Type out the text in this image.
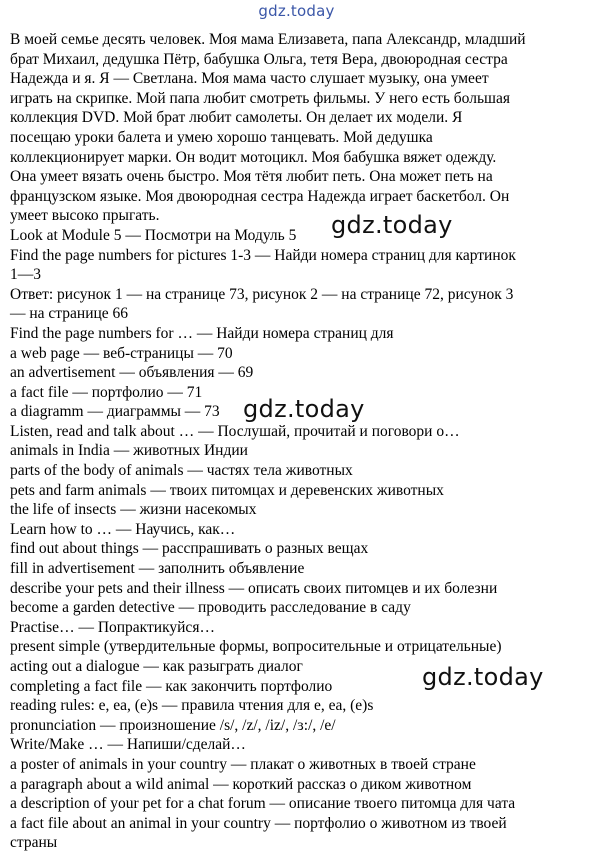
gdz.today

В моей семье десять человек. Моя мама Елизавета, папа Александр, младший

брат Михаил, дедушка Пётр, бабушка Ольга, тетя Вера, двоюродная сестра

Надежда и я. Я — Светлана. Моя мама часто слушает музыку, она умеет

играть на скрипке. Мой папа любит смотреть фильмы. У него есть большая

коллекция DVD. Мой брат любит самолеты. Он делает их модели. Я

посещаю уроки балета и умею хорошо танцевать. Мой дедушка

коллекционирует марки. Он водит мотоцикл. Моя бабушка вяжет одежду.

Она умеет вязать очень быстро. Моя тётя любит петь. Она может петь на

французском языке. Моя двоюродная сестра Надежда играет баскетбол. Он

умеет высоко прыгать.

Look at Module 5 — Посмотри на Модуль 5

Find the page numbers for pictures 1-3 — Найди номера страниц для картинок

1—3

Ответ: рисунок 1 — на странице 73, рисунок 2 — на странице 72, рисунок 3

— на странице 66

Find the page numbers for … — Найди номера страниц для

a web page — веб-страницы — 70

an advertisement — объявления — 69

a fact file — портфолио — 71

a diagramm — диаграммы — 73

Listen, read and talk about … — Послушай, прочитай и поговори о…

animals in India — животных Индии

parts of the body of animals — частях тела животных

pets and farm animals — твоих питомцах и деревенских животных

the life of insects — жизни насекомых

Learn how to … — Научись, как…

find out about things — расспрашивать о разных вещах

fill in advertisement — заполнить объявление

describe your pets and their illness — описать своих питомцев и их болезни

become a garden detective — проводить расследование в саду

Practise… — Попрактикуйся…

present simple (утвердительные формы, вопросительные и отрицательные)

acting out a dialogue — как разыграть диалог

completing a fact file — как закончить портфолио

reading rules: e, ea, (e)s — правила чтения для e, ea, (e)s

pronunciation — произношение /s/, /z/, /iz/, /ɜ:/, /e/

Write/Make … — Напиши/сделай…

a poster of animals in your country — плакат о животных в твоей стране

a paragraph about a wild animal — короткий рассказ о диком животном

a description of your pet for a chat forum — описание твоего питомца для чата

a fact file about an animal in your country — портфолио о животном из твоей

страны

gdz.today
gdz.today
gdz.today
